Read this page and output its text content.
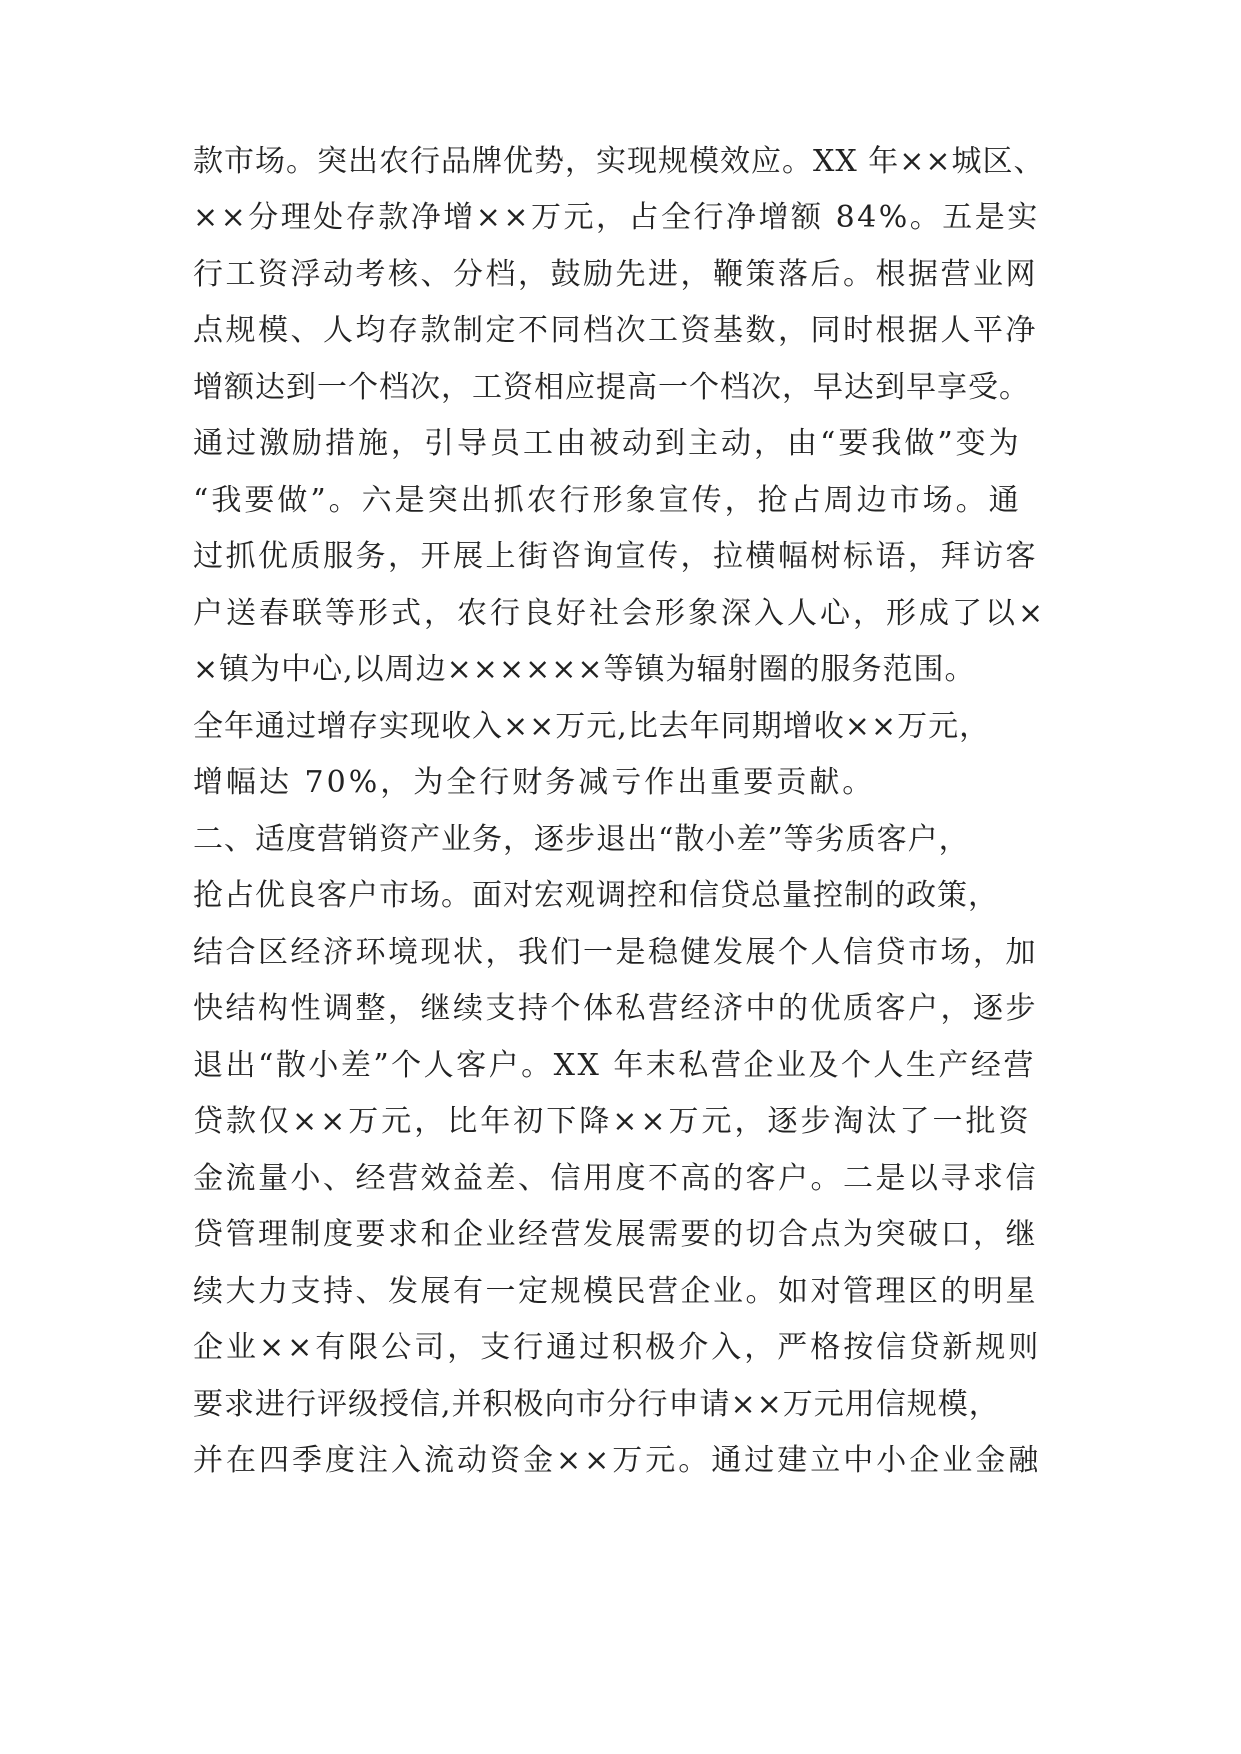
款市场。突出农行品牌优势，实现规模效应。XX 年××城区、
××分理处存款净增××万元，占全行净增额 84%。五是实
行工资浮动考核、分档，鼓励先进，鞭策落后。根据营业网
点规模、人均存款制定不同档次工资基数，同时根据人平净
增额达到一个档次，工资相应提高一个档次，早达到早享受。
通过激励措施，引导员工由被动到主动，由“要我做”变为
“我要做”。六是突出抓农行形象宣传，抢占周边市场。通
过抓优质服务，开展上街咨询宣传，拉横幅树标语，拜访客
户送春联等形式，农行良好社会形象深入人心，形成了以×
×镇为中心,以周边××××××等镇为辐射圈的服务范围。
全年通过增存实现收入××万元,比去年同期增收××万元，
增幅达 70%，为全行财务减亏作出重要贡献。
二、适度营销资产业务，逐步退出“散小差”等劣质客户，
抢占优良客户市场。面对宏观调控和信贷总量控制的政策，
结合区经济环境现状，我们一是稳健发展个人信贷市场，加
快结构性调整，继续支持个体私营经济中的优质客户，逐步
退出“散小差”个人客户。XX 年末私营企业及个人生产经营
贷款仅××万元，比年初下降××万元，逐步淘汰了一批资
金流量小、经营效益差、信用度不高的客户。二是以寻求信
贷管理制度要求和企业经营发展需要的切合点为突破口，继
续大力支持、发展有一定规模民营企业。如对管理区的明星
企业××有限公司，支行通过积极介入，严格按信贷新规则
要求进行评级授信,并积极向市分行申请××万元用信规模，
并在四季度注入流动资金××万元。通过建立中小企业金融
